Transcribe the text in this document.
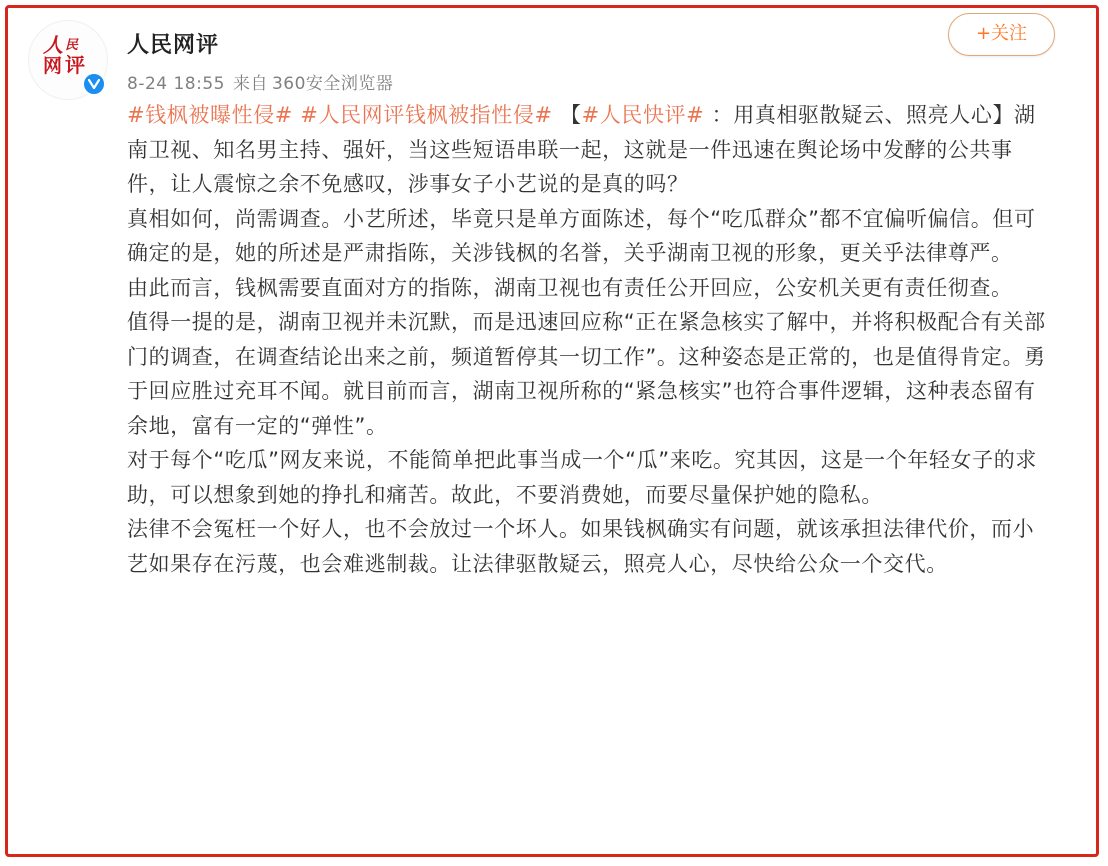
人 民
网 评
人民网评
8-24 18:55 来自 360安全浏览器
+关注

#钱枫被曝性侵# #人民网评钱枫被指性侵# 【#人民快评# ：用真相驱散疑云、照亮人心】湖南卫视、知名男主持、强奸，当这些短语串联一起，这就是一件迅速在舆论场中发酵的公共事件，让人震惊之余不免感叹，涉事女子小艺说的是真的吗？

真相如何，尚需调查。小艺所述，毕竟只是单方面陈述，每个“吃瓜群众”都不宜偏听偏信。但可确定的是，她的所述是严肃指陈，关涉钱枫的名誉，关乎湖南卫视的形象，更关乎法律尊严。

由此而言，钱枫需要直面对方的指陈，湖南卫视也有责任公开回应，公安机关更有责任彻查。

值得一提的是，湖南卫视并未沉默，而是迅速回应称“正在紧急核实了解中，并将积极配合有关部门的调查，在调查结论出来之前，频道暂停其一切工作”。这种姿态是正常的，也是值得肯定。勇于回应胜过充耳不闻。就目前而言，湖南卫视所称的“紧急核实”也符合事件逻辑，这种表态留有余地，富有一定的“弹性”。

对于每个“吃瓜”网友来说，不能简单把此事当成一个“瓜”来吃。究其因，这是一个年轻女子的求助，可以想象到她的挣扎和痛苦。故此，不要消费她，而要尽量保护她的隐私。

法律不会冤枉一个好人，也不会放过一个坏人。如果钱枫确实有问题，就该承担法律代价，而小艺如果存在污蔑，也会难逃制裁。让法律驱散疑云，照亮人心，尽快给公众一个交代。
